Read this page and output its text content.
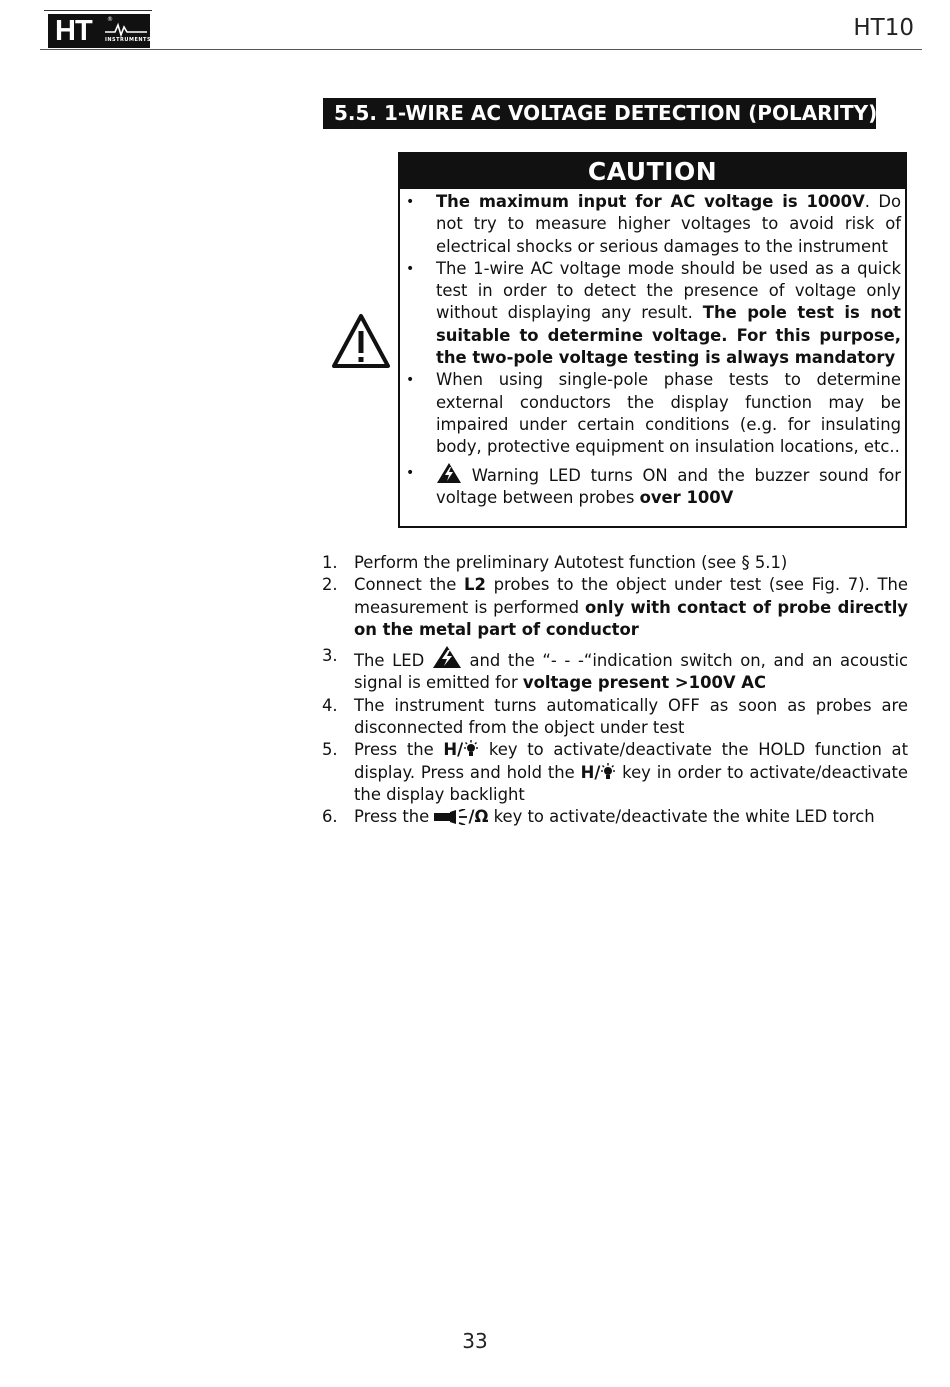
HT	®
INSTRUMENTS	HT10
5.5. 1-WIRE AC VOLTAGE DETECTION (POLARITY)
CAUTION
• The maximum input for AC voltage is 1000V. Do not try to measure higher voltages to avoid risk of electrical shocks or serious damages to the instrument
• The 1-wire AC voltage mode should be used as a quick test in order to detect the presence of voltage only without displaying any result. The pole test is not suitable to determine voltage. For this purpose, the two-pole voltage testing is always mandatory
• When using single-pole phase tests to determine external conductors the display function may be impaired under certain conditions (e.g. for insulating body, protective equipment on insulation locations, etc..
•	Warning LED turns ON and the buzzer sound for voltage between probes over 100V
1. Perform the preliminary Autotest function (see § 5.1)
2. Connect the L2 probes to the object under test (see Fig. 7). The measurement is performed only with contact of probe directly on the metal part of conductor
3. The LED  and the “- - -“indication switch on, and an acoustic signal is emitted for voltage present >100V AC
4. The instrument turns automatically OFF as soon as probes are disconnected from the object under test
5. Press the H/ key to activate/deactivate the HOLD function at display. Press and hold the H/ key in order to activate/deactivate the display backlight
6. Press the /Ω key to activate/deactivate the white LED torch
33
